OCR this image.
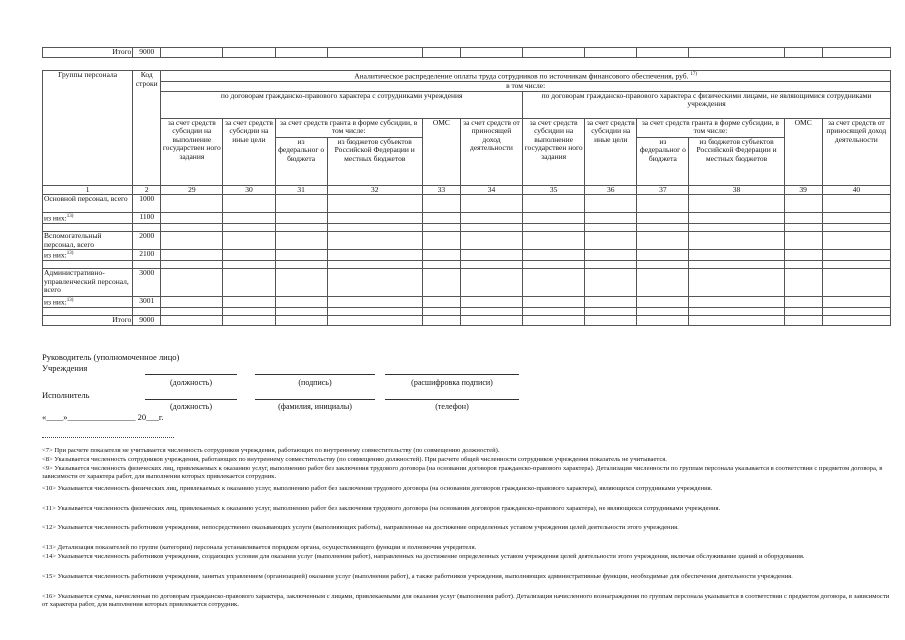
Итого	9000												
Группы персонала	Код строки	Аналитическое распределение оплаты труда сотрудников по источникам финансового обеспечения, руб. $^{17)}$
		в том числе:											
		по договорам гражданско-правового характера с сотрудниками учреждения						по договорам гражданско-правового характера с физическими лицами, не являющимися сотрудниками учреждения					
		за счет средств субсидии на выполнение государствен ного задания	за счет средств субсидии на иные цели	за счет средств гранта в форме субсидии, в том числе:		ОМС	за счет средств от приносящей доход деятельности	за счет средств субсидии на выполнение государствен ного задания	за счет средств субсидии на иные цели	за счет средств гранта в форме субсидии, в том числе:		ОМС	за счет средств от приносящей доход деятельности
				из федеральног о бюджета	из бюджетов субъектов Российской Федерации и местных бюджетов					из федеральног о бюджета	из бюджетов субъектов Российской Федерации и местных бюджетов		
1	2	29	30	31	32	33	34	35	36	37	38	39	40
Основной персонал, всего	1000												
из них:$^{13)}$	1100												

Вспомогательный персонал, всего	2000												
из них:$^{13)}$	2100												

Административно-управленческий персонал, всего	3000												
из них:$^{13)}$	3001												

Итого	9000												
Руководитель (уполномоченное лицо)
Учреждения
(должность)	(подпись)	(расшифровка подписи)
Исполнитель
(должность)	(фамилия, инициалы)	(телефон)
«____»________________ 20___г.
<7> При расчете показателя не учитывается численность сотрудников учреждения, работающих по внутреннему совместительству (по совмещению должностей).
<8> Указывается численность сотрудников учреждения, работающих по внутреннему совместительству (по совмещению должностей). При расчете общей численности сотрудников учреждения показатель не учитывается.
<9> Указывается численность физических лиц, привлекаемых к оказанию услуг, выполнению работ без заключения трудового договора (на основании договоров гражданско-правового характера). Детализация численности по группам персонала указывается в соответствии с предметом договора, в зависимости от характера работ, для выполнения которых привлекается сотрудник.
<10> Указывается численность физических лиц, привлекаемых к оказанию услуг, выполнению работ без заключения трудового договора (на основании договоров гражданско-правового характера), являющихся сотрудниками учреждения.
<11> Указывается численность физических лиц, привлекаемых к оказанию услуг, выполнению работ без заключения трудового договора (на основании договоров гражданско-правового характера), не являющихся сотрудниками учреждения.
<12> Указывается численность работников учреждения, непосредственно оказывающих услуги (выполняющих работы), направленные на достижение определенных уставом учреждения целей деятельности этого учреждения.
<13> Детализация показателей по группе (категории) персонала устанавливается порядком органа, осуществляющего функции и полномочия учредителя.
<14> Указывается численность работников учреждения, создающих условия для оказания услуг (выполнения работ), направленных на достижение определенных уставом учреждения целей деятельности этого учреждения, включая обслуживание зданий и оборудования.
<15> Указывается численность работников учреждения, занятых управлением (организацией) оказания услуг (выполнения работ), а также работников учреждения, выполняющих административные функции, необходимые для обеспечения деятельности учреждения.
<16> Указывается сумма, начисленная по договорам гражданско-правового характера, заключенным с лицами, привлекаемыми для оказания услуг (выполнения работ). Детализация начисленного вознаграждения по группам персонала указывается в соответствии с предметом договора, в зависимости от характера работ, для выполнения которых привлекается сотрудник.
